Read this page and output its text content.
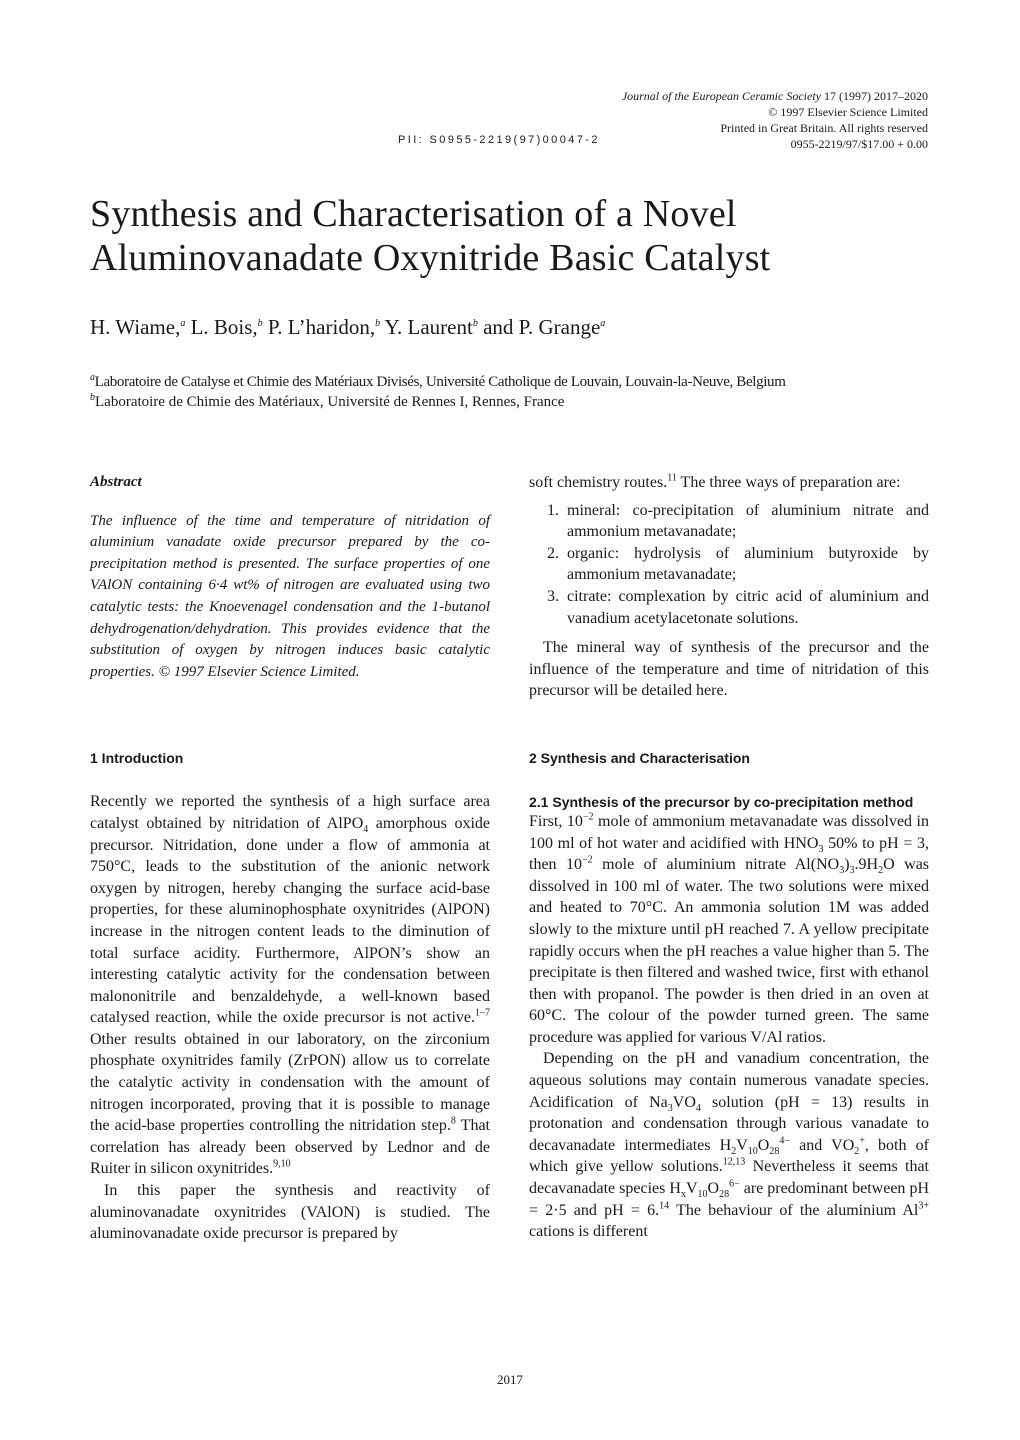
Journal of the European Ceramic Society 17 (1997) 2017–2020
© 1997 Elsevier Science Limited
Printed in Great Britain. All rights reserved
0955-2219/97/$17.00 + 0.00
PII: S0955-2219(97)00047-2
Synthesis and Characterisation of a Novel
Aluminovanadate Oxynitride Basic Catalyst
H. Wiame,$^a$ L. Bois,$^b$ P. L’haridon,$^b$ Y. Laurent$^b$ and P. Grange$^a$
$^a$Laboratoire de Catalyse et Chimie des Matériaux Divisés, Université Catholique de Louvain, Louvain-la-Neuve, Belgium
$^b$Laboratoire de Chimie des Matériaux, Université de Rennes I, Rennes, France
Abstract

The influence of the time and temperature of nitridation of aluminium vanadate oxide precursor prepared by the co-precipitation method is presented. The surface properties of one VAlON containing 6·4 wt% of nitrogen are evaluated using two catalytic tests: the Knoevenagel condensation and the 1-butanol dehydrogenation/dehydration. This provides evidence that the substitution of oxygen by nitrogen induces basic catalytic properties. © 1997 Elsevier Science Limited.

1 Introduction

Recently we reported the synthesis of a high surface area catalyst obtained by nitridation of AlPO$_4$ amorphous oxide precursor. Nitridation, done under a flow of ammonia at 750°C, leads to the substitution of the anionic network oxygen by nitrogen, hereby changing the surface acid-base properties, for these aluminophosphate oxynitrides (AlPON) increase in the nitrogen content leads to the diminution of total surface acidity. Furthermore, AlPON’s show an interesting catalytic activity for the condensation between malononitrile and benzaldehyde, a well-known based catalysed reaction, while the oxide precursor is not active.$^{1-7}$ Other results obtained in our laboratory, on the zirconium phosphate oxynitrides family (ZrPON) allow us to correlate the catalytic activity in condensation with the amount of nitrogen incorporated, proving that it is possible to manage the acid-base properties controlling the nitridation step.$^8$ That correlation has already been observed by Lednor and de Ruiter in silicon oxynitrides.$^{9,10}$

In this paper the synthesis and reactivity of aluminovanadate oxynitrides (VAlON) is studied. The aluminovanadate oxide precursor is prepared by

soft chemistry routes.$^{11}$ The three ways of preparation are:

1. mineral: co-precipitation of aluminium nitrate and ammonium metavanadate;
2. organic: hydrolysis of aluminium butyroxide by ammonium metavanadate;
3. citrate: complexation by citric acid of aluminium and vanadium acetylacetonate solutions.

The mineral way of synthesis of the precursor and the influence of the temperature and time of nitridation of this precursor will be detailed here.

2 Synthesis and Characterisation
2.1 Synthesis of the precursor by co-precipitation method

First, $10^{-2}$ mole of ammonium metavanadate was dissolved in 100 ml of hot water and acidified with $HNO_3$ 50% to pH = 3, then $10^{-2}$ mole of aluminium nitrate $Al(NO_3)_3.9H_2O$ was dissolved in 100 ml of water. The two solutions were mixed and heated to 70°C. An ammonia solution 1M was added slowly to the mixture until pH reached 7. A yellow precipitate rapidly occurs when the pH reaches a value higher than 5. The precipitate is then filtered and washed twice, first with ethanol then with propanol. The powder is then dried in an oven at 60°C. The colour of the powder turned green. The same procedure was applied for various V/Al ratios.

Depending on the pH and vanadium concentration, the aqueous solutions may contain numerous vanadate species. Acidification of $Na_3VO_4$ solution (pH = 13) results in protonation and condensation through various vanadate to decavanadate intermediates $H_2V_{10}O_{28}^{4-}$ and $VO_2^+$, both of which give yellow solutions.$^{12,13}$ Nevertheless it seems that decavanadate species $H_xV_{10}O_{28}^{6-}$ are predominant between pH = 2·5 and pH = 6.14 The behaviour of the aluminium $Al^{3+}$ cations is different

2017
